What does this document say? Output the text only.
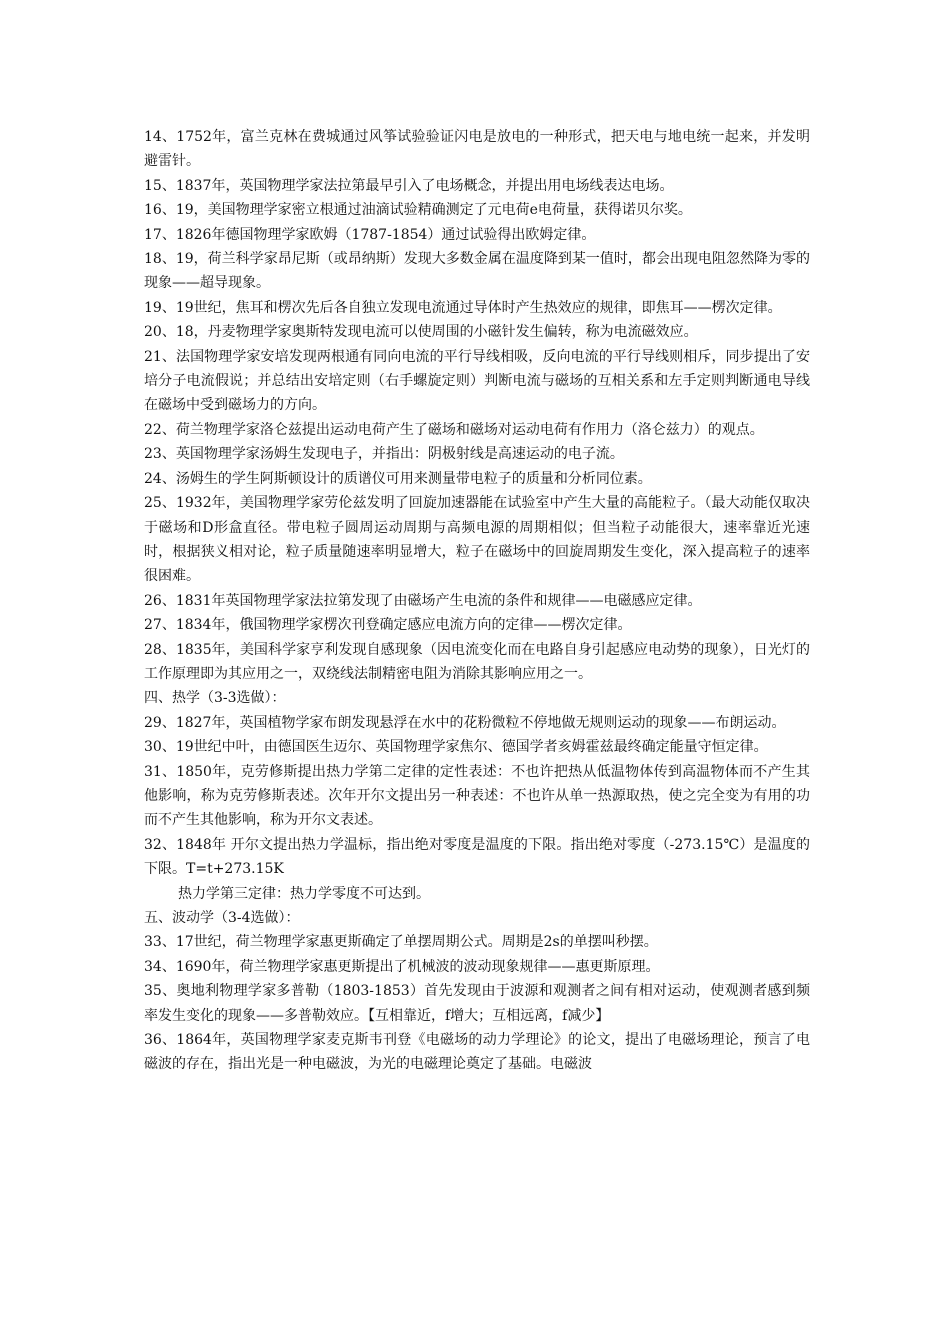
14、1752年，富兰克林在费城通过风筝试验验证闪电是放电的一种形式，把天电与地电统一起来，并发明避雷针。

15、1837年，英国物理学家法拉第最早引入了电场概念，并提出用电场线表达电场。

16、19，美国物理学家密立根通过油滴试验精确测定了元电荷e电荷量，获得诺贝尔奖。

17、1826年德国物理学家欧姆（1787-1854）通过试验得出欧姆定律。

18、19，荷兰科学家昂尼斯（或昂纳斯）发现大多数金属在温度降到某一值时，都会出现电阻忽然降为零的现象——超导现象。

19、19世纪，焦耳和楞次先后各自独立发现电流通过导体时产生热效应的规律，即焦耳——楞次定律。

20、18，丹麦物理学家奥斯特发现电流可以使周围的小磁针发生偏转，称为电流磁效应。

21、法国物理学家安培发现两根通有同向电流的平行导线相吸，反向电流的平行导线则相斥，同步提出了安培分子电流假说；并总结出安培定则（右手螺旋定则）判断电流与磁场的互相关系和左手定则判断通电导线在磁场中受到磁场力的方向。

22、荷兰物理学家洛仑兹提出运动电荷产生了磁场和磁场对运动电荷有作用力（洛仑兹力）的观点。

23、英国物理学家汤姆生发现电子，并指出：阴极射线是高速运动的电子流。

24、汤姆生的学生阿斯顿设计的质谱仪可用来测量带电粒子的质量和分析同位素。

25、1932年，美国物理学家劳伦兹发明了回旋加速器能在试验室中产生大量的高能粒子。（最大动能仅取决于磁场和D形盒直径。带电粒子圆周运动周期与高频电源的周期相似；但当粒子动能很大，速率靠近光速时，根据狭义相对论，粒子质量随速率明显增大，粒子在磁场中的回旋周期发生变化，深入提高粒子的速率很困难。

26、1831年英国物理学家法拉第发现了由磁场产生电流的条件和规律——电磁感应定律。

27、1834年，俄国物理学家楞次刊登确定感应电流方向的定律——楞次定律。

28、1835年，美国科学家亨利发现自感现象（因电流变化而在电路自身引起感应电动势的现象），日光灯的工作原理即为其应用之一，双绕线法制精密电阻为消除其影响应用之一。

四、热学（3-3选做）：

29、1827年，英国植物学家布朗发现悬浮在水中的花粉微粒不停地做无规则运动的现象——布朗运动。

30、19世纪中叶，由德国医生迈尔、英国物理学家焦尔、德国学者亥姆霍兹最终确定能量守恒定律。

31、1850年，克劳修斯提出热力学第二定律的定性表述：不也许把热从低温物体传到高温物体而不产生其他影响，称为克劳修斯表述。次年开尔文提出另一种表述：不也许从单一热源取热，使之完全变为有用的功而不产生其他影响，称为开尔文表述。

32、1848年 开尔文提出热力学温标，指出绝对零度是温度的下限。指出绝对零度（-273.15℃）是温度的下限。T=t+273.15K

热力学第三定律：热力学零度不可达到。

五、波动学（3-4选做）：

33、17世纪，荷兰物理学家惠更斯确定了单摆周期公式。周期是2s的单摆叫秒摆。

34、1690年，荷兰物理学家惠更斯提出了机械波的波动现象规律——惠更斯原理。

35、奥地利物理学家多普勒（1803-1853）首先发现由于波源和观测者之间有相对运动，使观测者感到频率发生变化的现象——多普勒效应。【互相靠近，f增大；互相远离，f减少】

36、1864年，英国物理学家麦克斯韦刊登《电磁场的动力学理论》的论文，提出了电磁场理论，预言了电磁波的存在，指出光是一种电磁波，为光的电磁理论奠定了基础。电磁波
